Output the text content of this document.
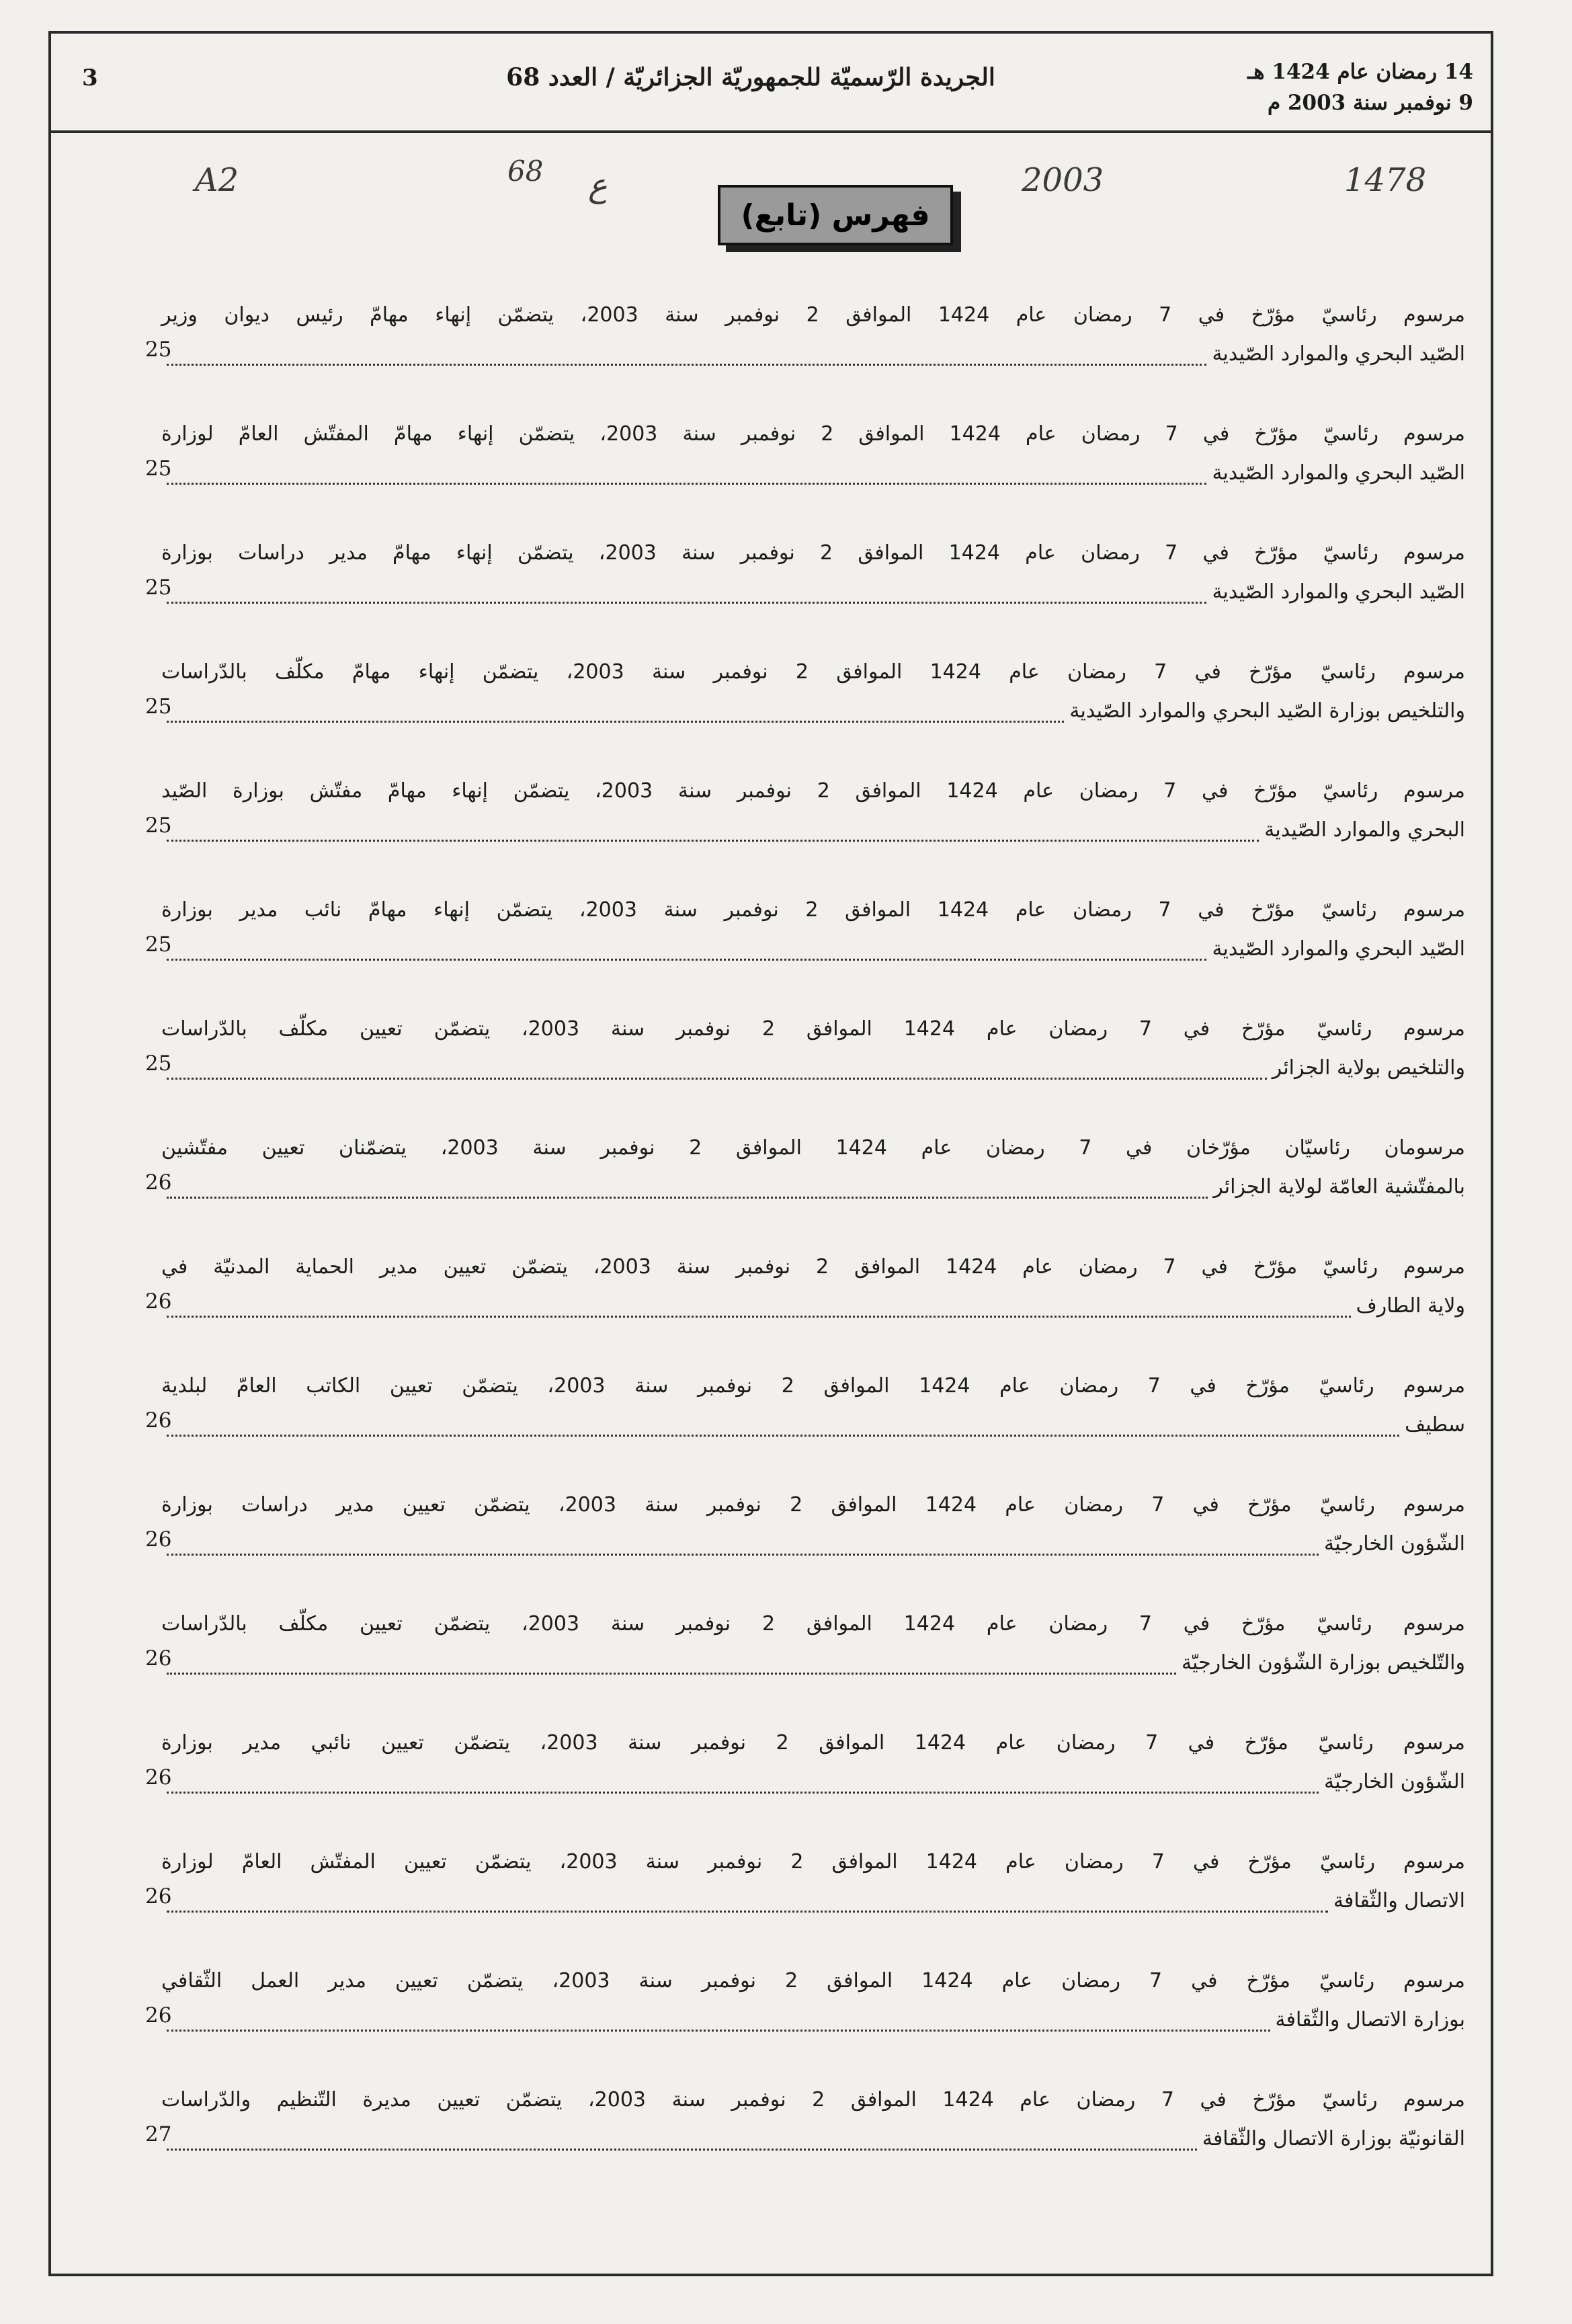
14 رمضان عام 1424 هـ
9 نوفمبر سنة 2003 م
الجريدة الرّسميّة للجمهوريّة الجزائريّة / العدد 68
3
A2	68 ع	2003	1478
فهرس (تابع)
مرسوم رئاسيّ مؤرّخ في 7 رمضان عام 1424 الموافق 2 نوفمبر سنة 2003، يتضمّن إنهاء مهامّ رئيس ديوان وزير
الصّيد البحري والموارد الصّيدية
25
مرسوم رئاسيّ مؤرّخ في 7 رمضان عام 1424 الموافق 2 نوفمبر سنة 2003، يتضمّن إنهاء مهامّ المفتّش العامّ لوزارة
الصّيد البحري والموارد الصّيدية
25
مرسوم رئاسيّ مؤرّخ في 7 رمضان عام 1424 الموافق 2 نوفمبر سنة 2003، يتضمّن إنهاء مهامّ مدير دراسات بوزارة
الصّيد البحري والموارد الصّيدية
25
مرسوم رئاسيّ مؤرّخ في 7 رمضان عام 1424 الموافق 2 نوفمبر سنة 2003، يتضمّن إنهاء مهامّ مكلّف بالدّراسات
والتلخيص بوزارة الصّيد البحري والموارد الصّيدية
25
مرسوم رئاسيّ مؤرّخ في 7 رمضان عام 1424 الموافق 2 نوفمبر سنة 2003، يتضمّن إنهاء مهامّ مفتّش بوزارة الصّيد
البحري والموارد الصّيدية
25
مرسوم رئاسيّ مؤرّخ في 7 رمضان عام 1424 الموافق 2 نوفمبر سنة 2003، يتضمّن إنهاء مهامّ نائب مدير بوزارة
الصّيد البحري والموارد الصّيدية
25
مرسوم رئاسيّ مؤرّخ في 7 رمضان عام 1424 الموافق 2 نوفمبر سنة 2003، يتضمّن تعيين مكلّف بالدّراسات
والتلخيص بولاية الجزائر
25
مرسومان رئاسيّان مؤرّخان في 7 رمضان عام 1424 الموافق 2 نوفمبر سنة 2003، يتضمّنان تعيين مفتّشين
بالمفتّشية العامّة لولاية الجزائر
26
مرسوم رئاسيّ مؤرّخ في 7 رمضان عام 1424 الموافق 2 نوفمبر سنة 2003، يتضمّن تعيين مدير الحماية المدنيّة في
ولاية الطارف
26
مرسوم رئاسيّ مؤرّخ في 7 رمضان عام 1424 الموافق 2 نوفمبر سنة 2003، يتضمّن تعيين الكاتب العامّ لبلدية
سطيف
26
مرسوم رئاسيّ مؤرّخ في 7 رمضان عام 1424 الموافق 2 نوفمبر سنة 2003، يتضمّن تعيين مدير دراسات بوزارة
الشّؤون الخارجيّة
26
مرسوم رئاسيّ مؤرّخ في 7 رمضان عام 1424 الموافق 2 نوفمبر سنة 2003، يتضمّن تعيين مكلّف بالدّراسات
والتّلخيص بوزارة الشّؤون الخارجيّة
26
مرسوم رئاسيّ مؤرّخ في 7 رمضان عام 1424 الموافق 2 نوفمبر سنة 2003، يتضمّن تعيين نائبي مدير بوزارة
الشّؤون الخارجيّة
26
مرسوم رئاسيّ مؤرّخ في 7 رمضان عام 1424 الموافق 2 نوفمبر سنة 2003، يتضمّن تعيين المفتّش العامّ لوزارة
الاتصال والثّقافة
26
مرسوم رئاسيّ مؤرّخ في 7 رمضان عام 1424 الموافق 2 نوفمبر سنة 2003، يتضمّن تعيين مدير العمل الثّقافي
بوزارة الاتصال والثّقافة
26
مرسوم رئاسيّ مؤرّخ في 7 رمضان عام 1424 الموافق 2 نوفمبر سنة 2003، يتضمّن تعيين مديرة التّنظيم والدّراسات
القانونيّة بوزارة الاتصال والثّقافة
27
